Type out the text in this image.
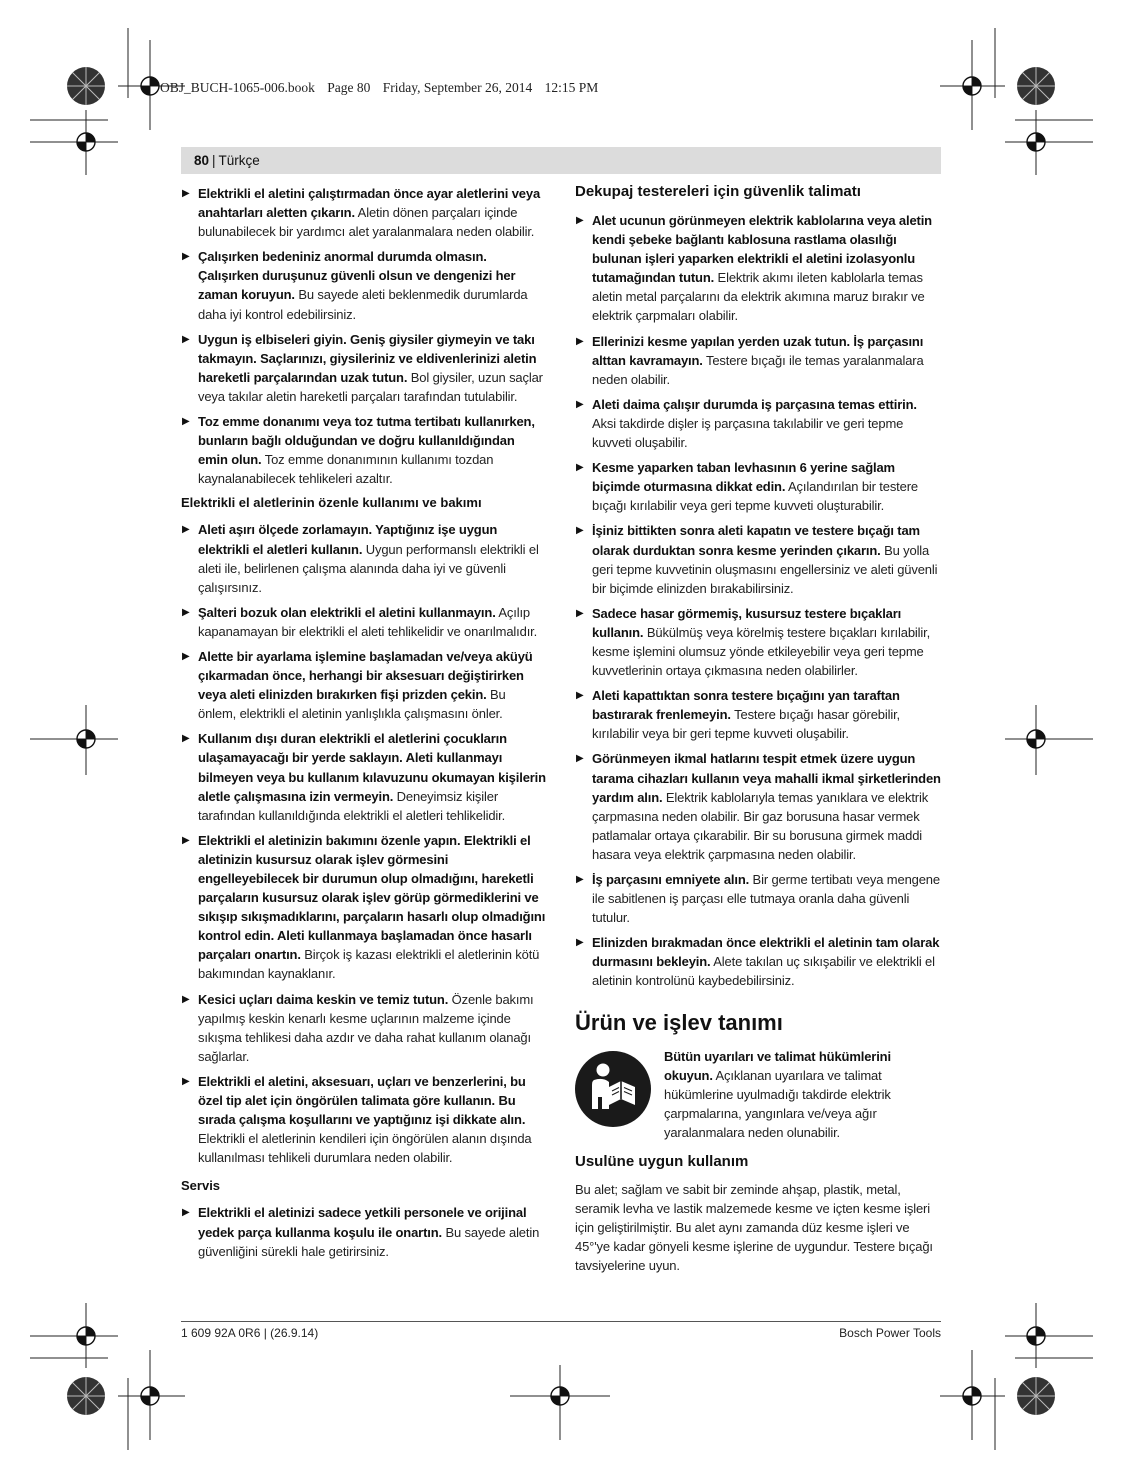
OBJ_BUCH-1065-006.book Page 80 Friday, September 26, 2014 12:15 PM
80 | Türkçe
▶ Elektrikli el aletini çalıştırmadan önce ayar aletlerini veya anahtarları aletten çıkarın. Aletin dönen parçaları içinde bulunabilecek bir yardımcı alet yaralanmalara neden olabilir.
▶ Çalışırken bedeniniz anormal durumda olmasın. Çalışırken duruşunuz güvenli olsun ve dengenizi her zaman koruyun. Bu sayede aleti beklenmedik durumlarda daha iyi kontrol edebilirsiniz.
▶ Uygun iş elbiseleri giyin. Geniş giysiler giymeyin ve takı takmayın. Saçlarınızı, giysileriniz ve eldivenlerinizi aletin hareketli parçalarından uzak tutun. Bol giysiler, uzun saçlar veya takılar aletin hareketli parçaları tarafından tutulabilir.
▶ Toz emme donanımı veya toz tutma tertibatı kullanırken, bunların bağlı olduğundan ve doğru kullanıldığından emin olun. Toz emme donanımının kullanımı tozdan kaynalanabilecek tehlikeleri azaltır.
Elektrikli el aletlerinin özenle kullanımı ve bakımı
▶ Aleti aşırı ölçede zorlamayın. Yaptığınız işe uygun elektrikli el aletleri kullanın. Uygun performanslı elektrikli el aleti ile, belirlenen çalışma alanında daha iyi ve güvenli çalışırsınız.
▶ Şalteri bozuk olan elektrikli el aletini kullanmayın. Açılıp kapanamayan bir elektrikli el aleti tehlikelidir ve onarılmalıdır.
▶ Alette bir ayarlama işlemine başlamadan ve/veya aküyü çıkarmadan önce, herhangi bir aksesuarı değiştirirken veya aleti elinizden bırakırken fişi prizden çekin. Bu önlem, elektrikli el aletinin yanlışlıkla çalışmasını önler.
▶ Kullanım dışı duran elektrikli el aletlerini çocukların ulaşamayacağı bir yerde saklayın. Aleti kullanmayı bilmeyen veya bu kullanım kılavuzunu okumayan kişilerin aletle çalışmasına izin vermeyin. Deneyimsiz kişiler tarafından kullanıldığında elektrikli el aletleri tehlikelidir.
▶ Elektrikli el aletinizin bakımını özenle yapın. Elektrikli el aletinizin kusursuz olarak işlev görmesini engelleyebilecek bir durumun olup olmadığını, hareketli parçaların kusursuz olarak işlev görüp görmediklerini ve sıkışıp sıkışmadıklarını, parçaların hasarlı olup olmadığını kontrol edin. Aleti kullanmaya başlamadan önce hasarlı parçaları onartın. Birçok iş kazası elektrikli el aletlerinin kötü bakımından kaynaklanır.
▶ Kesici uçları daima keskin ve temiz tutun. Özenle bakımı yapılmış keskin kenarlı kesme uçlarının malzeme içinde sıkışma tehlikesi daha azdır ve daha rahat kullanım olanağı sağlarlar.
▶ Elektrikli el aletini, aksesuarı, uçları ve benzerlerini, bu özel tip alet için öngörülen talimata göre kullanın. Bu sırada çalışma koşullarını ve yaptığınız işi dikkate alın. Elektrikli el aletlerinin kendileri için öngörülen alanın dışında kullanılması tehlikeli durumlara neden olabilir.
Servis
▶ Elektrikli el aletinizi sadece yetkili personele ve orijinal yedek parça kullanma koşulu ile onartın. Bu sayede aletin güvenliğini sürekli hale getirirsiniz.
Dekupaj testereleri için güvenlik talimatı
▶ Alet ucunun görünmeyen elektrik kablolarına veya aletin kendi şebeke bağlantı kablosuna rastlama olasılığı bulunan işleri yaparken elektrikli el aletini izolasyonlu tutamağından tutun. Elektrik akımı ileten kablolarla temas aletin metal parçalarını da elektrik akımına maruz bırakır ve elektrik çarpmaları olabilir.
▶ Ellerinizi kesme yapılan yerden uzak tutun. İş parçasını alttan kavramayın. Testere bıçağı ile temas yaralanmalara neden olabilir.
▶ Aleti daima çalışır durumda iş parçasına temas ettirin. Aksi takdirde dişler iş parçasına takılabilir ve geri tepme kuvveti oluşabilir.
▶ Kesme yaparken taban levhasının 6 yerine sağlam biçimde oturmasına dikkat edin. Açılandırılan bir testere bıçağı kırılabilir veya geri tepme kuvveti oluşturabilir.
▶ İşiniz bittikten sonra aleti kapatın ve testere bıçağı tam olarak durduktan sonra kesme yerinden çıkarın. Bu yolla geri tepme kuvvetinin oluşmasını engellersiniz ve aleti güvenli bir biçimde elinizden bırakabilirsiniz.
▶ Sadece hasar görmemiş, kusursuz testere bıçakları kullanın. Bükülmüş veya körelmiş testere bıçakları kırılabilir, kesme işlemini olumsuz yönde etkileyebilir veya geri tepme kuvvetlerinin ortaya çıkmasına neden olabilirler.
▶ Aleti kapattıktan sonra testere bıçağını yan taraftan bastırarak frenlemeyin. Testere bıçağı hasar görebilir, kırılabilir veya bir geri tepme kuvveti oluşabilir.
▶ Görünmeyen ikmal hatlarını tespit etmek üzere uygun tarama cihazları kullanın veya mahalli ikmal şirketlerinden yardım alın. Elektrik kablolarıyla temas yanıklara ve elektrik çarpmasına neden olabilir. Bir gaz borusuna hasar vermek patlamalar ortaya çıkarabilir. Bir su borusuna girmek maddi hasara veya elektrik çarpmasına neden olabilir.
▶ İş parçasını emniyete alın. Bir germe tertibatı veya mengene ile sabitlenen iş parçası elle tutmaya oranla daha güvenli tutulur.
▶ Elinizden bırakmadan önce elektrikli el aletinin tam olarak durmasını bekleyin. Alete takılan uç sıkışabilir ve elektrikli el aletinin kontrolünü kaybedebilirsiniz.
Ürün ve işlev tanımı
Bütün uyarıları ve talimat hükümlerini okuyun. Açıklanan uyarılara ve talimat hükümlerine uyulmadığı takdirde elektrik çarpmalarına, yangınlara ve/veya ağır yaralanmalara neden olunabilir.
Usulüne uygun kullanım
Bu alet; sağlam ve sabit bir zeminde ahşap, plastik, metal, seramik levha ve lastik malzemede kesme ve içten kesme işleri için geliştirilmiştir. Bu alet aynı zamanda düz kesme işleri ve 45°'ye kadar gönyeli kesme işlerine de uygundur. Testere bıçağı tavsiyelerine uyun.
1 609 92A 0R6 | (26.9.14)	Bosch Power Tools
